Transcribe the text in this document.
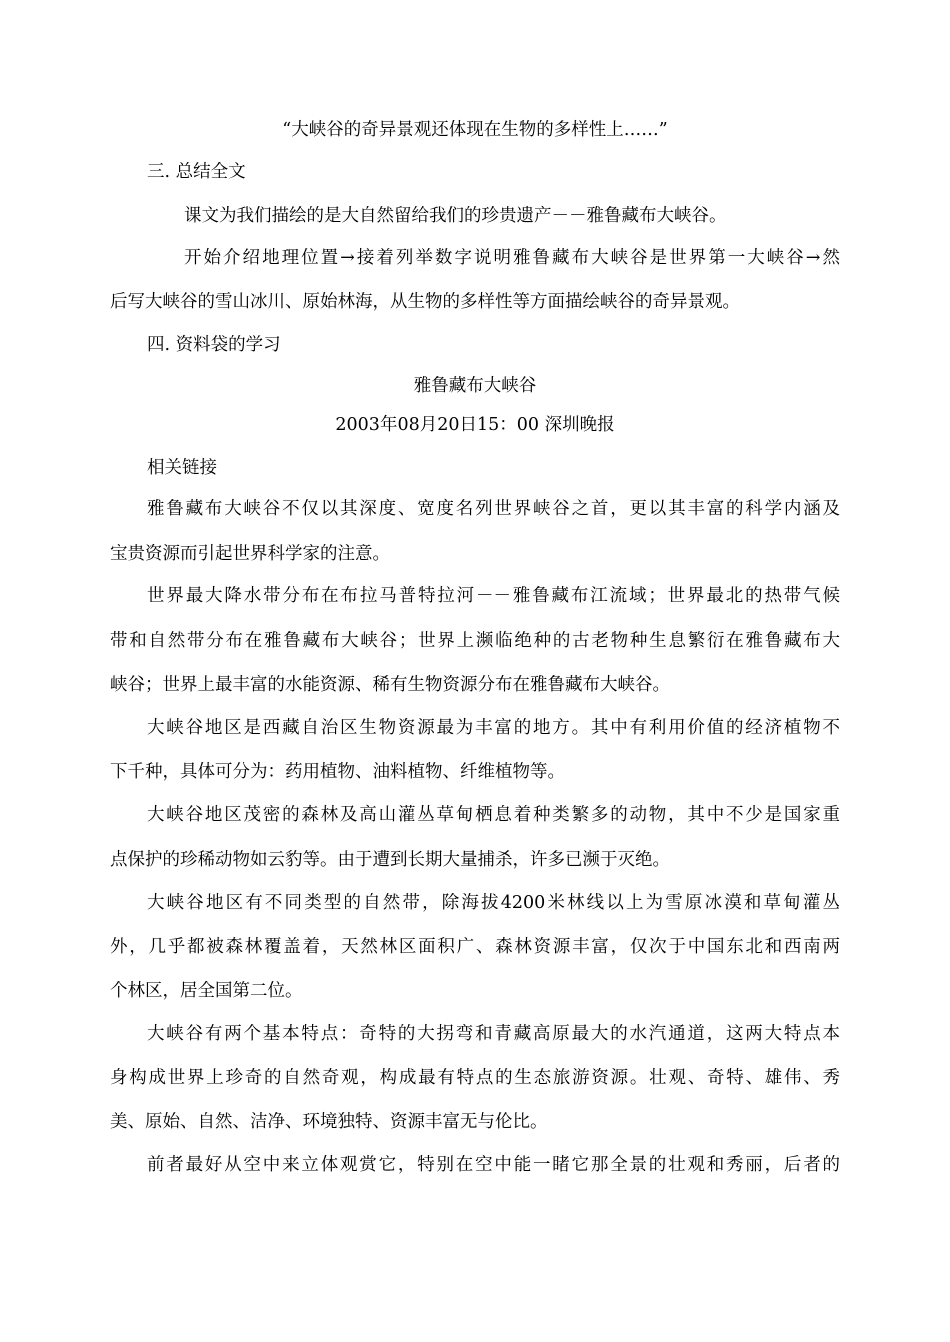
“大峡谷的奇异景观还体现在生物的多样性上……”
三. 总结全文
课文为我们描绘的是大自然留给我们的珍贵遗产－－雅鲁藏布大峡谷。
开始介绍地理位置→接着列举数字说明雅鲁藏布大峡谷是世界第一大峡谷→然
后写大峡谷的雪山冰川、原始林海，从生物的多样性等方面描绘峡谷的奇异景观。
四. 资料袋的学习
雅鲁藏布大峡谷
2003年08月20日15：00 深圳晚报
相关链接
雅鲁藏布大峡谷不仅以其深度、宽度名列世界峡谷之首，更以其丰富的科学内涵及
宝贵资源而引起世界科学家的注意。
世界最大降水带分布在布拉马普特拉河－－雅鲁藏布江流域；世界最北的热带气候
带和自然带分布在雅鲁藏布大峡谷；世界上濒临绝种的古老物种生息繁衍在雅鲁藏布大
峡谷；世界上最丰富的水能资源、稀有生物资源分布在雅鲁藏布大峡谷。
大峡谷地区是西藏自治区生物资源最为丰富的地方。其中有利用价值的经济植物不
下千种，具体可分为：药用植物、油料植物、纤维植物等。
大峡谷地区茂密的森林及高山灌丛草甸栖息着种类繁多的动物，其中不少是国家重
点保护的珍稀动物如云豹等。由于遭到长期大量捕杀，许多已濒于灭绝。
大峡谷地区有不同类型的自然带，除海拔4200米林线以上为雪原冰漠和草甸灌丛
外，几乎都被森林覆盖着，天然林区面积广、森林资源丰富，仅次于中国东北和西南两
个林区，居全国第二位。
大峡谷有两个基本特点：奇特的大拐弯和青藏高原最大的水汽通道，这两大特点本
身构成世界上珍奇的自然奇观，构成最有特点的生态旅游资源。壮观、奇特、雄伟、秀
美、原始、自然、洁净、环境独特、资源丰富无与伦比。
前者最好从空中来立体观赏它，特别在空中能一睹它那全景的壮观和秀丽，后者的
